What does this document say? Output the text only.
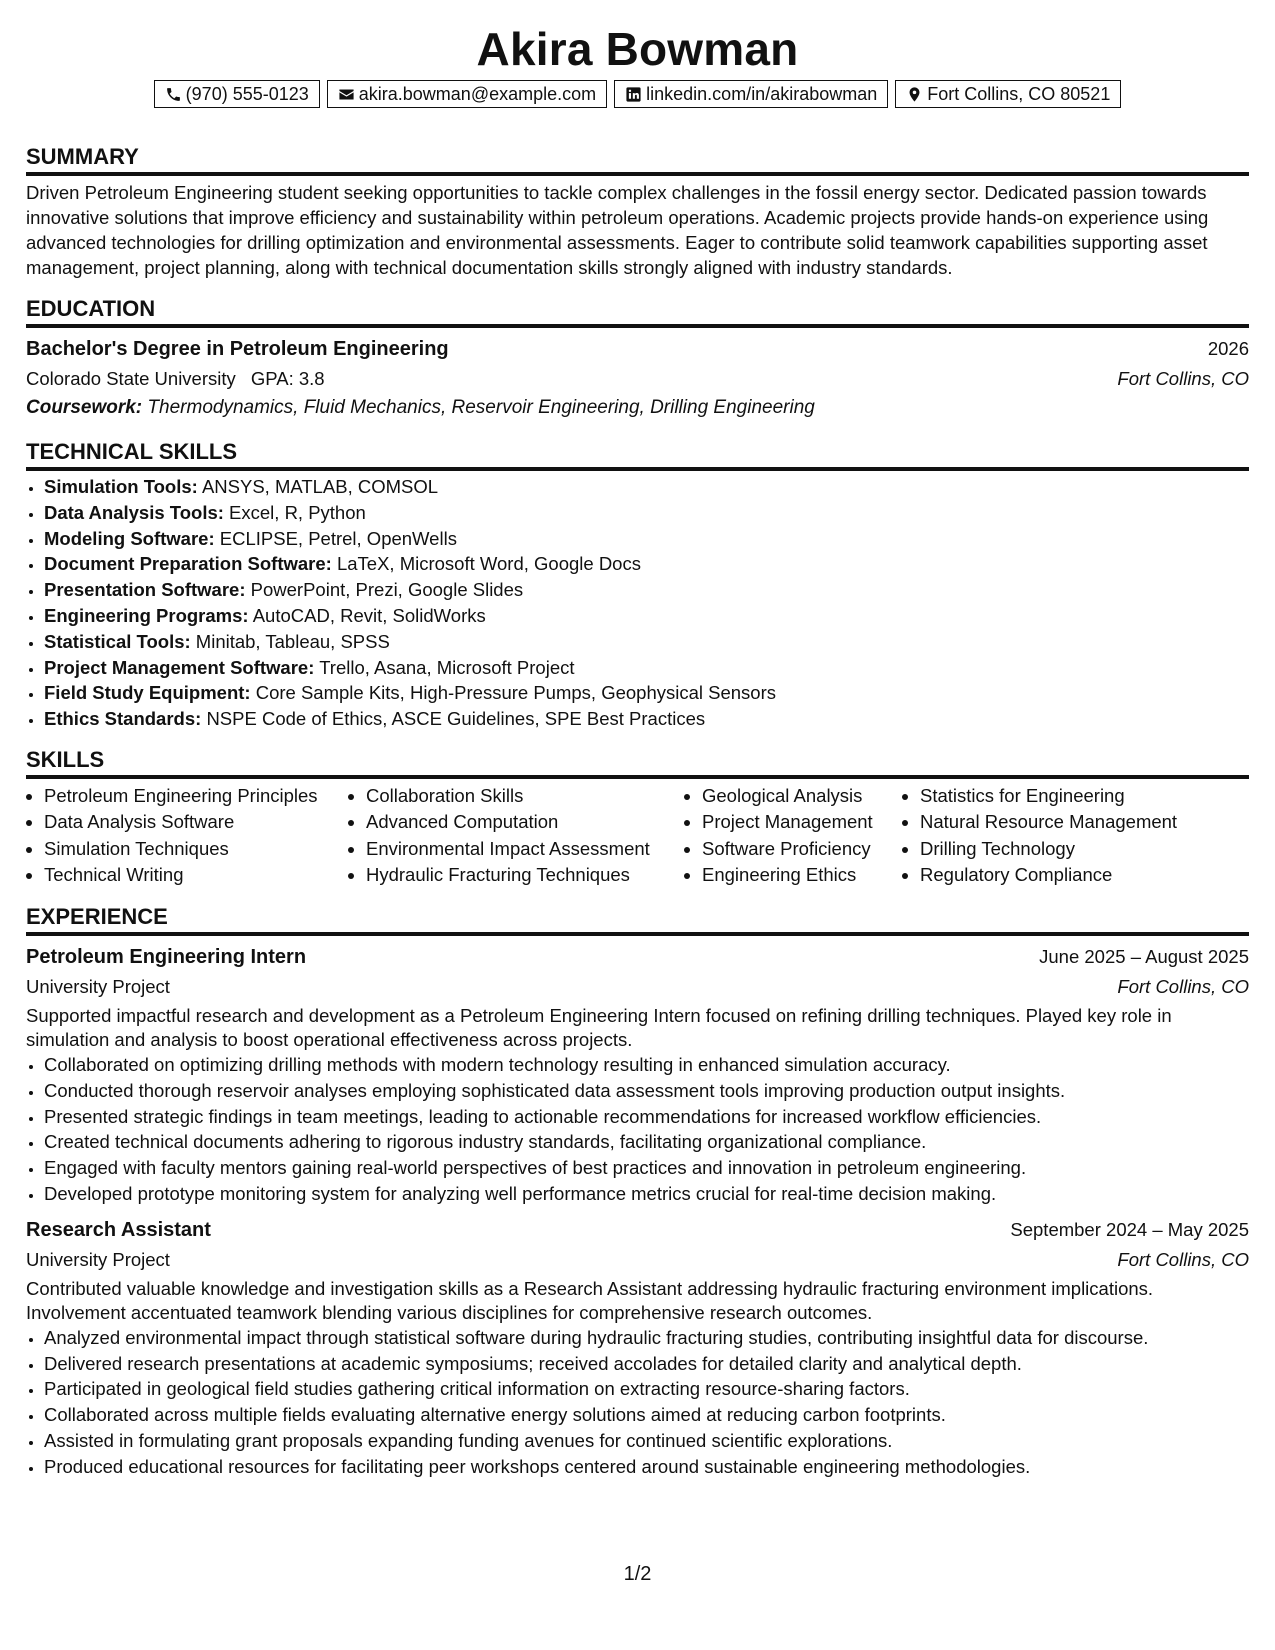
Akira Bowman
(970) 555-0123	akira.bowman@example.com	linkedin.com/in/akirabowman	Fort Collins, CO 80521
SUMMARY

Driven Petroleum Engineering student seeking opportunities to tackle complex challenges in the fossil energy sector. Dedicated passion towards innovative solutions that improve efficiency and sustainability within petroleum operations. Academic projects provide hands-on experience using advanced technologies for drilling optimization and environmental assessments. Eager to contribute solid teamwork capabilities supporting asset management, project planning, along with technical documentation skills strongly aligned with industry standards.

EDUCATION
Bachelor's Degree in Petroleum Engineering	2026
Colorado State University GPA: 3.8	Fort Collins, CO
Coursework: Thermodynamics, Fluid Mechanics, Reservoir Engineering, Drilling Engineering
TECHNICAL SKILLS
• Simulation Tools: ANSYS, MATLAB, COMSOL
• Data Analysis Tools: Excel, R, Python
• Modeling Software: ECLIPSE, Petrel, OpenWells
• Document Preparation Software: LaTeX, Microsoft Word, Google Docs
• Presentation Software: PowerPoint, Prezi, Google Slides
• Engineering Programs: AutoCAD, Revit, SolidWorks
• Statistical Tools: Minitab, Tableau, SPSS
• Project Management Software: Trello, Asana, Microsoft Project
• Field Study Equipment: Core Sample Kits, High-Pressure Pumps, Geophysical Sensors
• Ethics Standards: NSPE Code of Ethics, ASCE Guidelines, SPE Best Practices
SKILLS
• Petroleum Engineering Principles
• Data Analysis Software
• Simulation Techniques
• Technical Writing
• Collaboration Skills
• Advanced Computation
• Environmental Impact Assessment
• Hydraulic Fracturing Techniques
• Geological Analysis
• Project Management
• Software Proficiency
• Engineering Ethics
• Statistics for Engineering
• Natural Resource Management
• Drilling Technology
• Regulatory Compliance
EXPERIENCE
Petroleum Engineering Intern	June 2025 – August 2025
University Project	Fort Collins, CO

Supported impactful research and development as a Petroleum Engineering Intern focused on refining drilling techniques. Played key role in simulation and analysis to boost operational effectiveness across projects.

• Collaborated on optimizing drilling methods with modern technology resulting in enhanced simulation accuracy.
• Conducted thorough reservoir analyses employing sophisticated data assessment tools improving production output insights.
• Presented strategic findings in team meetings, leading to actionable recommendations for increased workflow efficiencies.
• Created technical documents adhering to rigorous industry standards, facilitating organizational compliance.
• Engaged with faculty mentors gaining real-world perspectives of best practices and innovation in petroleum engineering.
• Developed prototype monitoring system for analyzing well performance metrics crucial for real-time decision making.
Research Assistant	September 2024 – May 2025
University Project	Fort Collins, CO

Contributed valuable knowledge and investigation skills as a Research Assistant addressing hydraulic fracturing environment implications. Involvement accentuated teamwork blending various disciplines for comprehensive research outcomes.

• Analyzed environmental impact through statistical software during hydraulic fracturing studies, contributing insightful data for discourse.
• Delivered research presentations at academic symposiums; received accolades for detailed clarity and analytical depth.
• Participated in geological field studies gathering critical information on extracting resource-sharing factors.
• Collaborated across multiple fields evaluating alternative energy solutions aimed at reducing carbon footprints.
• Assisted in formulating grant proposals expanding funding avenues for continued scientific explorations.
• Produced educational resources for facilitating peer workshops centered around sustainable engineering methodologies.
1/2
